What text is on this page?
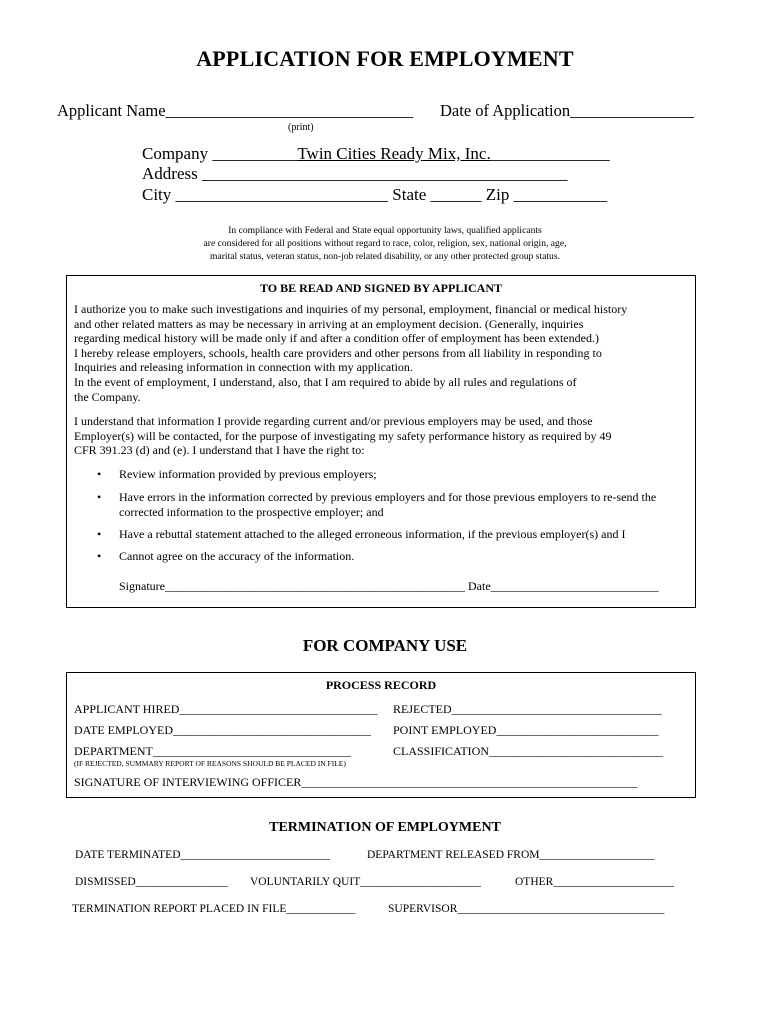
APPLICATION FOR EMPLOYMENT
Applicant Name______________________________ Date of Application_______________
(print)
Company __________Twin Cities Ready Mix, Inc.______________
Address ___________________________________________
City _________________________ State ______ Zip ___________
In compliance with Federal and State equal opportunity laws, qualified applicants
are considered for all positions without regard to race, color, religion, sex, national origin, age,
marital status, veteran status, non-job related disability, or any other protected group status.
TO BE READ AND SIGNED BY APPLICANT
I authorize you to make such investigations and inquiries of my personal, employment, financial or medical history
and other related matters as may be necessary in arriving at an employment decision. (Generally, inquiries
regarding medical history will be made only if and after a condition offer of employment has been extended.)
I hereby release employers, schools, health care providers and other persons from all liability in responding to
Inquiries and releasing information in connection with my application.
In the event of employment, I understand, also, that I am required to abide by all rules and regulations of
the Company.
I understand that information I provide regarding current and/or previous employers may be used, and those
Employer(s) will be contacted, for the purpose of investigating my safety performance history as required by 49
CFR 391.23 (d) and (e). I understand that I have the right to:
• Review information provided by previous employers;
• Have errors in the information corrected by previous employers and for those previous employers to re-send the
corrected information to the prospective employer; and
• Have a rebuttal statement attached to the alleged erroneous information, if the previous employer(s) and I
• Cannot agree on the accuracy of the information.
Signature__________________________________________________ Date____________________________
FOR COMPANY USE
PROCESS RECORD
APPLICANT HIRED_________________________________ REJECTED___________________________________
DATE EMPLOYED_________________________________ POINT EMPLOYED___________________________
DEPARTMENT_________________________________	CLASSIFICATION_____________________________
(IF REJECTED, SUMMARY REPORT OF REASONS SHOULD BE PLACED IN FILE)
SIGNATURE OF INTERVIEWING OFFICER________________________________________________________
TERMINATION OF EMPLOYMENT
DATE TERMINATED__________________________	DEPARTMENT RELEASED FROM____________________
DISMISSED________________ VOLUNTARILY QUIT_____________________	OTHER_____________________
TERMINATION REPORT PLACED IN FILE____________	SUPERVISOR____________________________________
